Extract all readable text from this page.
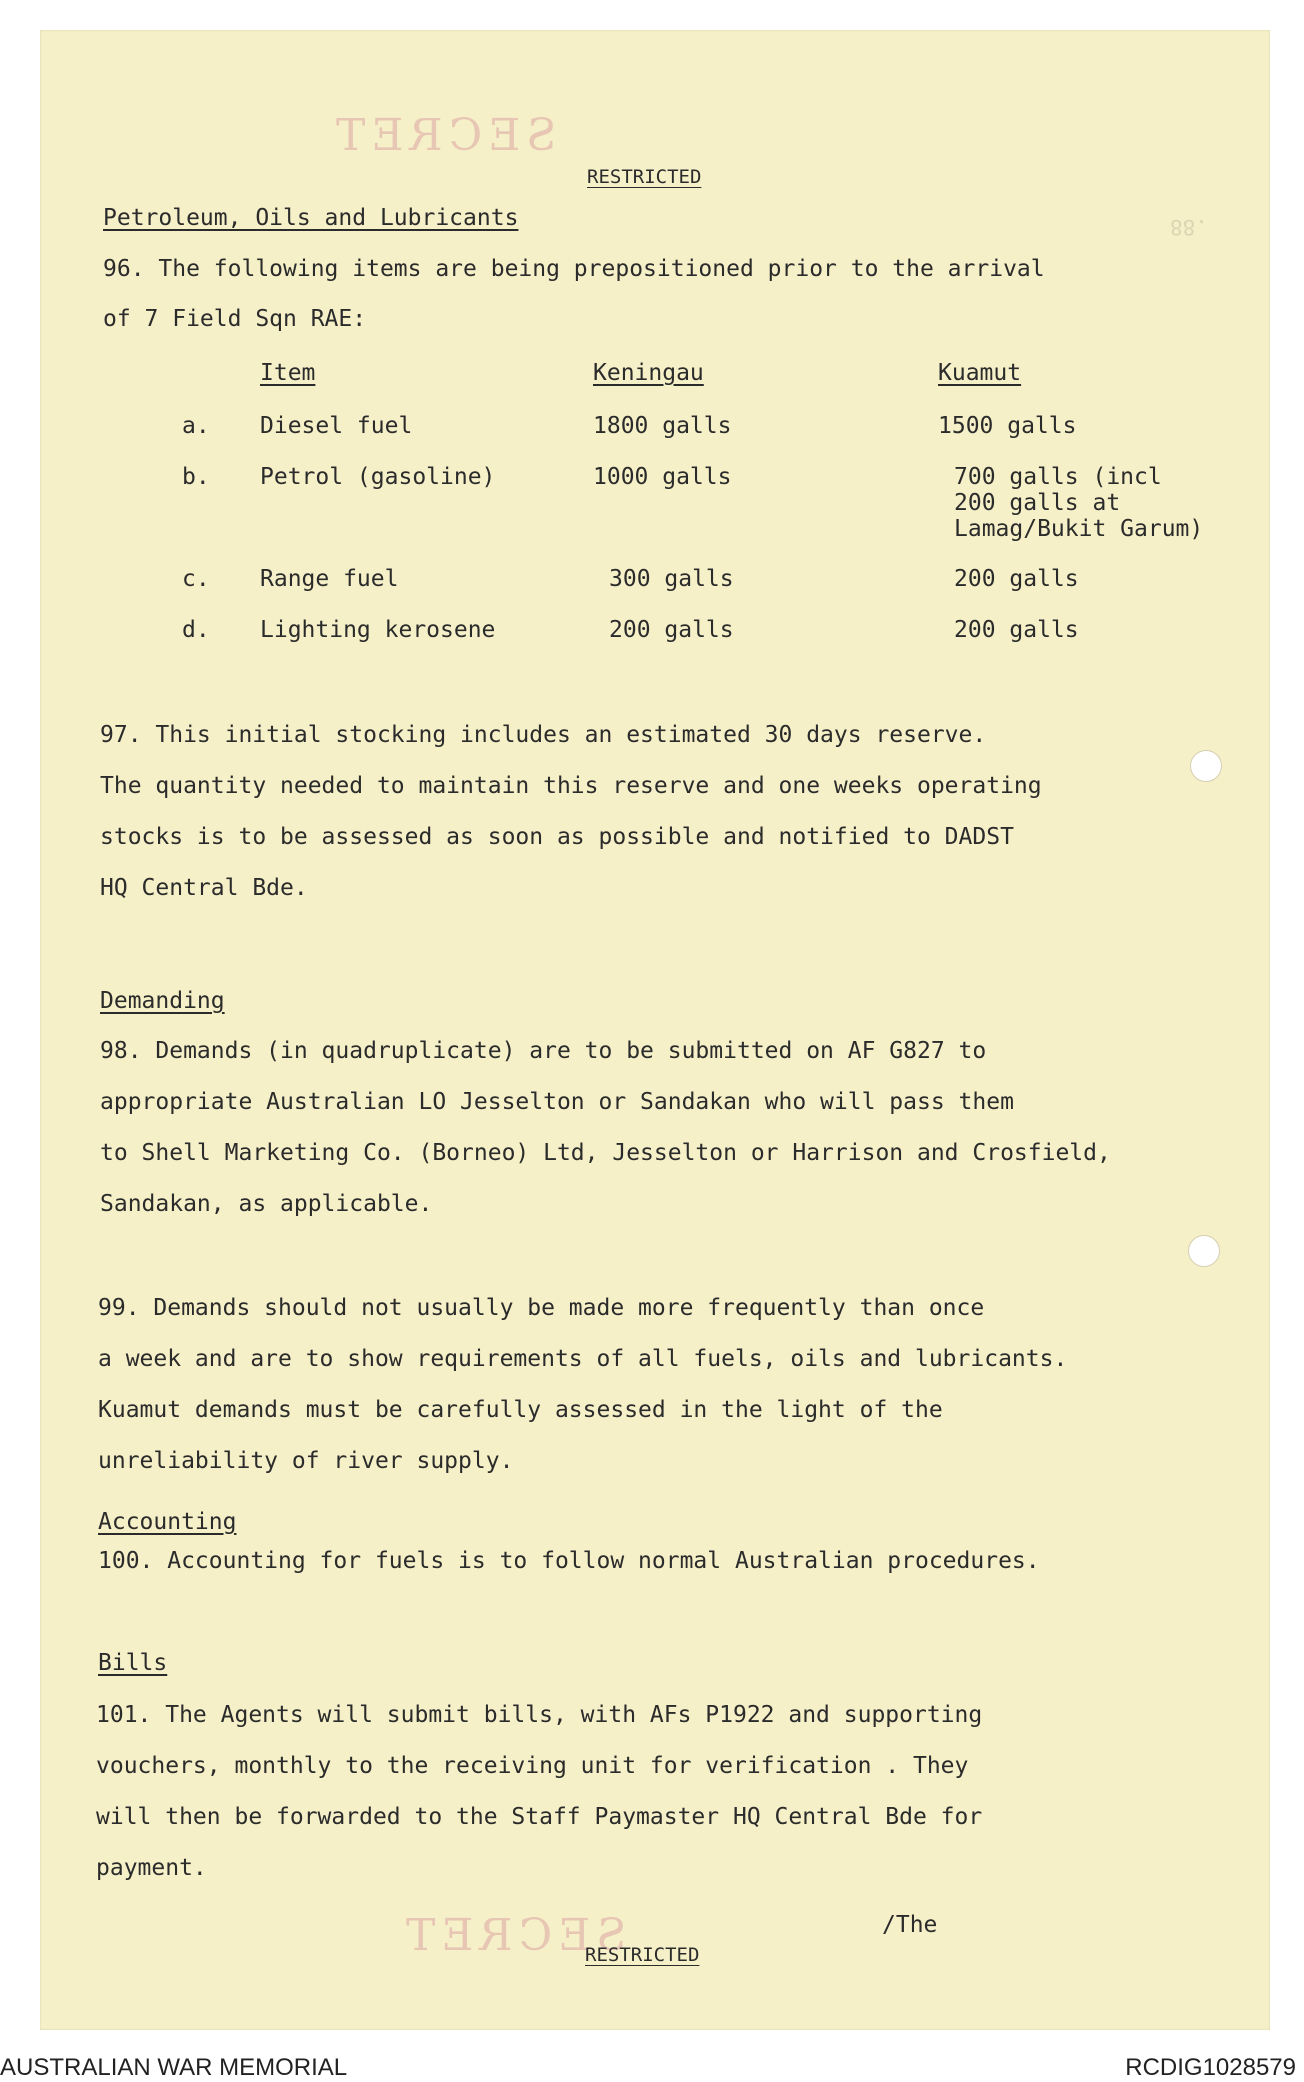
SECRET
SECRET
88.
RESTRICTED
Petroleum, Oils and Lubricants
96. The following items are being prepositioned prior to the arrival
of 7 Field Sqn RAE:
Item	Keningau	Kuamut
a. Diesel fuel	1800 galls	1500 galls
b. Petrol (gasoline)	1000 galls	700 galls (incl
200 galls at
Lamag/Bukit Garum)
c. Range fuel	300 galls	200 galls
d. Lighting kerosene	200 galls	200 galls
97. This initial stocking includes an estimated 30 days reserve.
The quantity needed to maintain this reserve and one weeks operating
stocks is to be assessed as soon as possible and notified to DADST
HQ Central Bde.
Demanding
98. Demands (in quadruplicate) are to be submitted on AF G827 to
appropriate Australian LO Jesselton or Sandakan who will pass them
to Shell Marketing Co. (Borneo) Ltd, Jesselton or Harrison and Crosfield,
Sandakan, as applicable.
99. Demands should not usually be made more frequently than once
a week and are to show requirements of all fuels, oils and lubricants.
Kuamut demands must be carefully assessed in the light of the
unreliability of river supply.
Accounting
100. Accounting for fuels is to follow normal Australian procedures.
Bills
101. The Agents will submit bills, with AFs P1922 and supporting
vouchers, monthly to the receiving unit for verification . They
will then be forwarded to the Staff Paymaster HQ Central Bde for
payment.
/The
RESTRICTED
AUSTRALIAN WAR MEMORIAL	RCDIG1028579
